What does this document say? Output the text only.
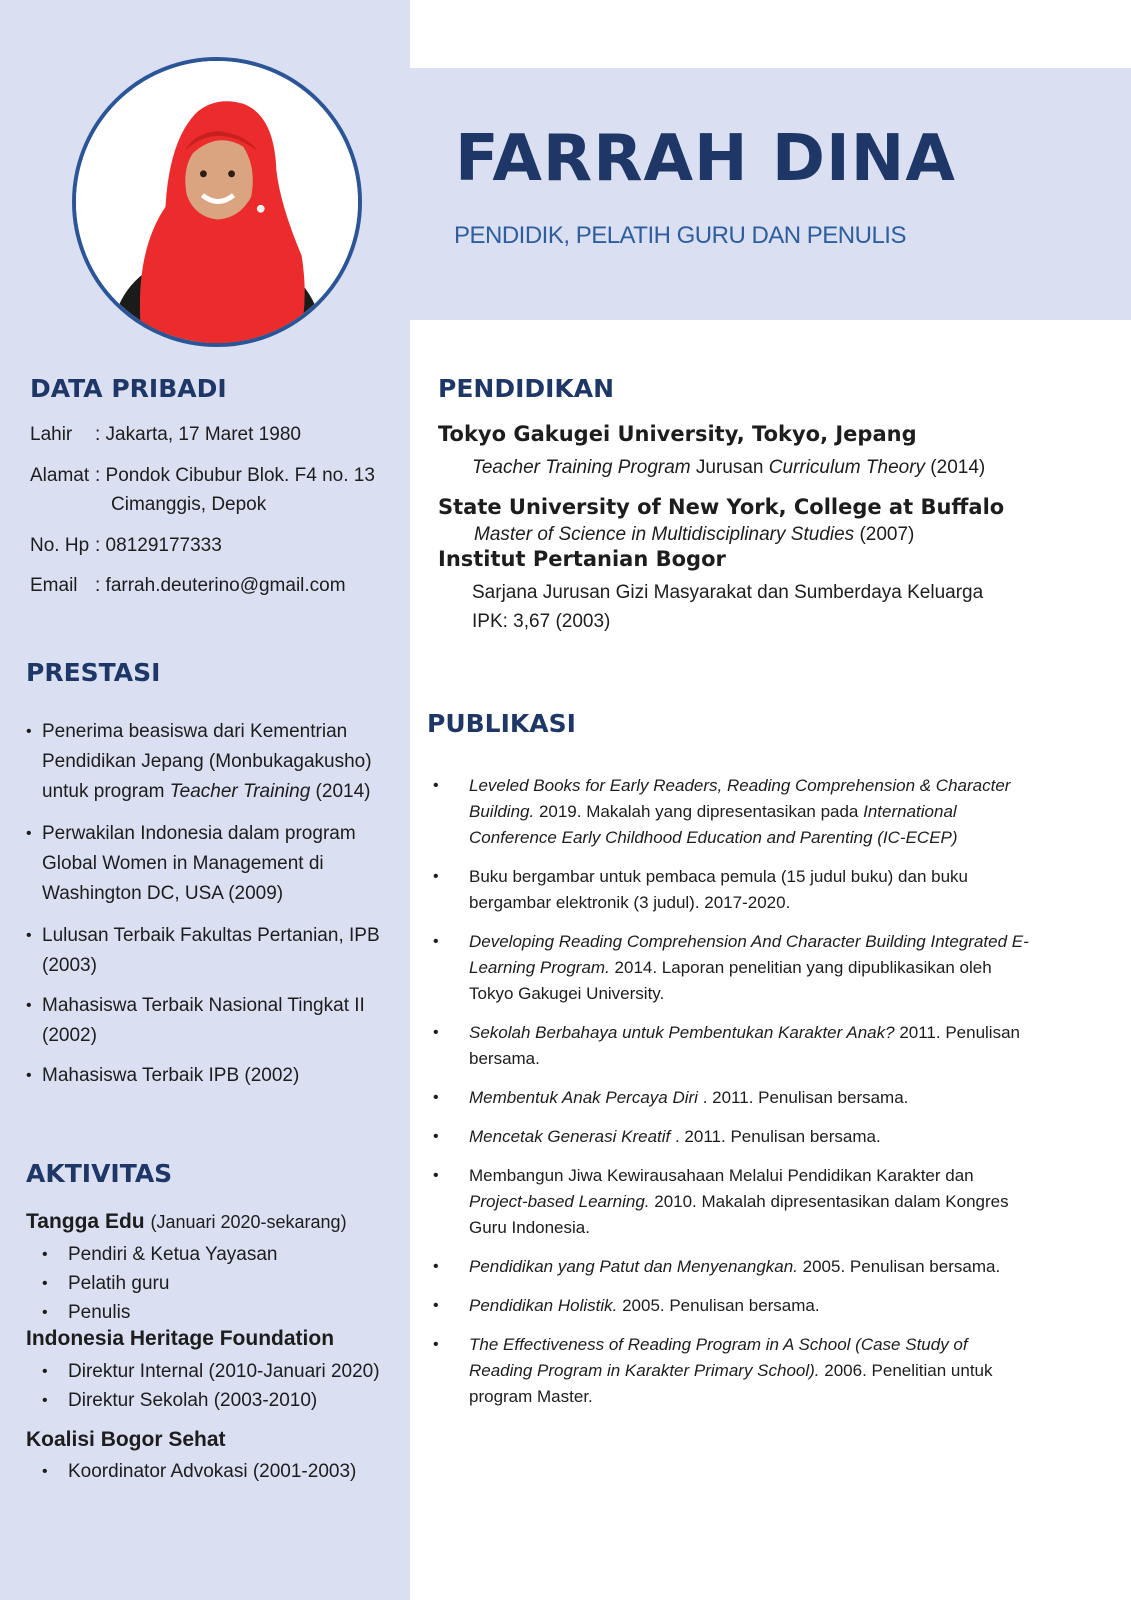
FARRAH DINA
PENDIDIK, PELATIH GURU DAN PENULIS
DATA PRIBADI
Lahir : Jakarta, 17 Maret 1980
Alamat : Pondok Cibubur Blok. F4 no. 13
Cimanggis, Depok
No. Hp : 08129177333
Email : farrah.deuterino@gmail.com
PRESTASI
• Penerima beasiswa dari Kementrian Pendidikan Jepang (Monbukagakusho) untuk program Teacher Training (2014)
• Perwakilan Indonesia dalam program Global Women in Management di Washington DC, USA (2009)
• Lulusan Terbaik Fakultas Pertanian, IPB (2003)
• Mahasiswa Terbaik Nasional Tingkat II (2002)
• Mahasiswa Terbaik IPB (2002)
AKTIVITAS
Tangga Edu (Januari 2020-sekarang)
• Pendiri & Ketua Yayasan
• Pelatih guru
• Penulis
Indonesia Heritage Foundation
• Direktur Internal (2010-Januari 2020)
• Direktur Sekolah (2003-2010)
Koalisi Bogor Sehat
• Koordinator Advokasi (2001-2003)
PENDIDIKAN
Tokyo Gakugei University, Tokyo, Jepang
Teacher Training Program Jurusan Curriculum Theory (2014)
State University of New York, College at Buffalo
Master of Science in Multidisciplinary Studies (2007)
Institut Pertanian Bogor
Sarjana Jurusan Gizi Masyarakat dan Sumberdaya Keluarga
IPK: 3,67 (2003)
PUBLIKASI
• Leveled Books for Early Readers, Reading Comprehension & Character Building. 2019. Makalah yang dipresentasikan pada International Conference Early Childhood Education and Parenting (IC-ECEP)
• Buku bergambar untuk pembaca pemula (15 judul buku) dan buku bergambar elektronik (3 judul). 2017-2020.
• Developing Reading Comprehension And Character Building Integrated E-Learning Program. 2014. Laporan penelitian yang dipublikasikan oleh Tokyo Gakugei University.
• Sekolah Berbahaya untuk Pembentukan Karakter Anak? 2011. Penulisan bersama.
• Membentuk Anak Percaya Diri . 2011. Penulisan bersama.
• Mencetak Generasi Kreatif . 2011. Penulisan bersama.
• Membangun Jiwa Kewirausahaan Melalui Pendidikan Karakter dan Project-based Learning. 2010. Makalah dipresentasikan dalam Kongres Guru Indonesia.
• Pendidikan yang Patut dan Menyenangkan. 2005. Penulisan bersama.
• Pendidikan Holistik. 2005. Penulisan bersama.
• The Effectiveness of Reading Program in A School (Case Study of Reading Program in Karakter Primary School). 2006. Penelitian untuk program Master.
